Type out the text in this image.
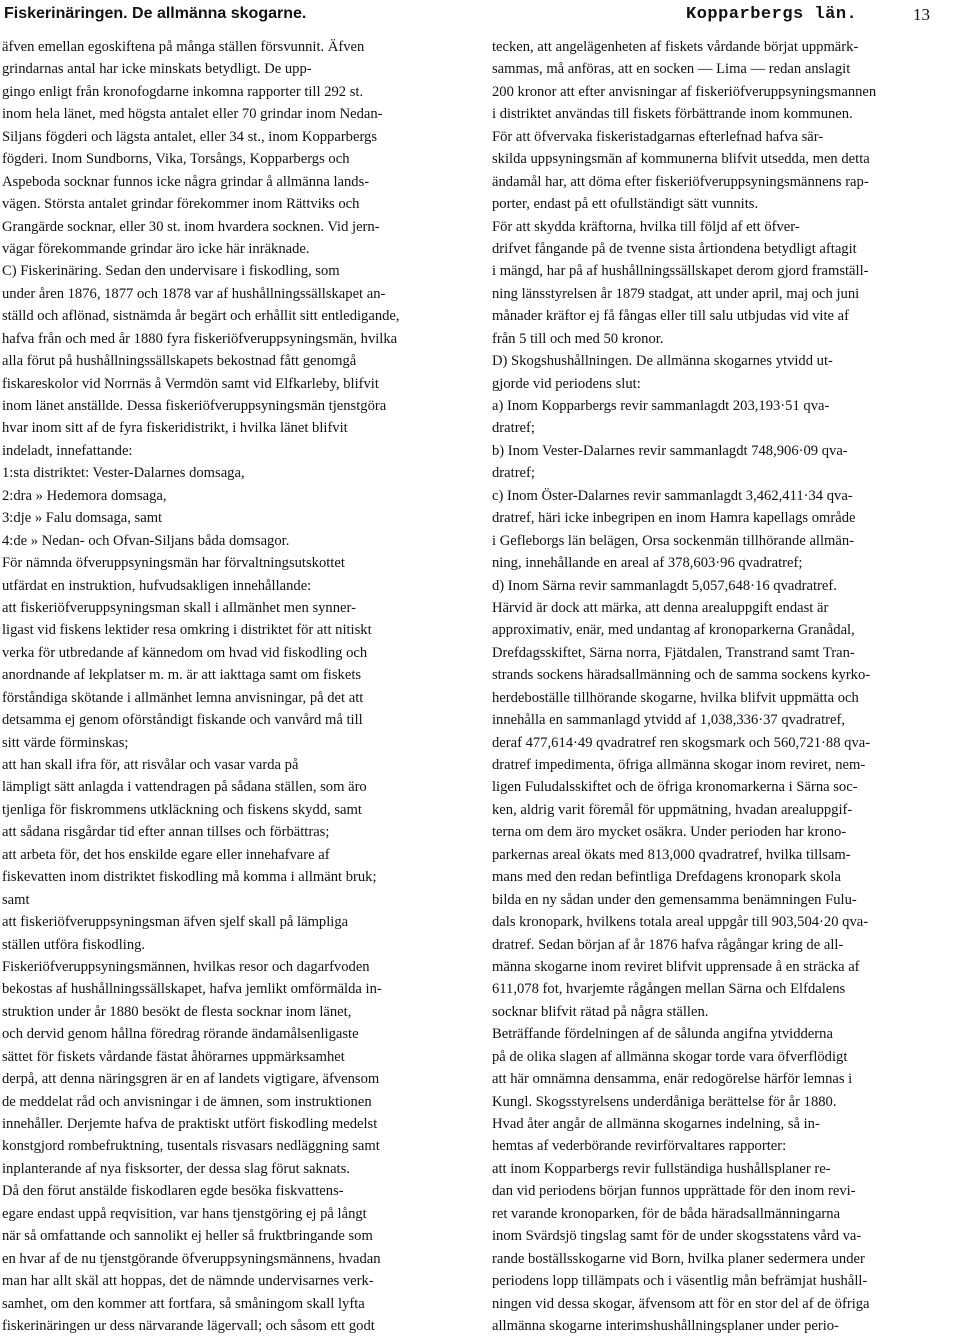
Fiskerinäringen. De allmänna skogarne.	Kopparbergs län.	13
äfven emellan egoskiftena på många ställen försvunnit. Äfven
grindarnas antal har icke minskats betydligt. De upp-
gingo enligt från kronofogdarne inkomna rapporter till 292 st.
inom hela länet, med högsta antalet eller 70 grindar inom Nedan-
Siljans fögderi och lägsta antalet, eller 34 st., inom Kopparbergs
fögderi. Inom Sundborns, Vika, Torsångs, Kopparbergs och
Aspeboda socknar funnos icke några grindar å allmänna lands-
vägen. Största antalet grindar förekommer inom Rättviks och
Grangärde socknar, eller 30 st. inom hvardera socknen. Vid jern-
vägar förekommande grindar äro icke här inräknade.
C) Fiskerinäring. Sedan den undervisare i fiskodling, som
under åren 1876, 1877 och 1878 var af hushållningssällskapet an-
ställd och aflönad, sistnämda år begärt och erhållit sitt entledigande,
hafva från och med år 1880 fyra fiskeriöfveruppsyningsmän, hvilka
alla förut på hushållningssällskapets bekostnad fått genomgå
fiskareskolor vid Norrnäs å Vermdön samt vid Elfkarleby, blifvit
inom länet anställde. Dessa fiskeriöfveruppsyningsmän tjenstgöra
hvar inom sitt af de fyra fiskeridistrikt, i hvilka länet blifvit
indeladt, innefattande:
1:sta distriktet: Vester-Dalarnes domsaga,
2:dra » Hedemora domsaga,
3:dje » Falu domsaga, samt
4:de » Nedan- och Ofvan-Siljans båda domsagor.
För nämnda öfveruppsyningsmän har förvaltningsutskottet
utfärdat en instruktion, hufvudsakligen innehållande:
att fiskeriöfveruppsyningsman skall i allmänhet men synner-
ligast vid fiskens lektider resa omkring i distriktet för att nitiskt
verka för utbredande af kännedom om hvad vid fiskodling och
anordnande af lekplatser m. m. är att iakttaga samt om fiskets
förståndiga skötande i allmänhet lemna anvisningar, på det att
detsamma ej genom oförståndigt fiskande och vanvård må till
sitt värde förminskas;
att han skall ifra för, att risvålar och vasar varda på
lämpligt sätt anlagda i vattendragen på sådana ställen, som äro
tjenliga för fiskrommens utkläckning och fiskens skydd, samt
att sådana risgårdar tid efter annan tillses och förbättras;
att arbeta för, det hos enskilde egare eller innehafvare af
fiskevatten inom distriktet fiskodling må komma i allmänt bruk;
samt
att fiskeriöfveruppsyningsman äfven sjelf skall på lämpliga
ställen utföra fiskodling.
Fiskeriöfveruppsyningsmännen, hvilkas resor och dagarfvoden
bekostas af hushållningssällskapet, hafva jemlikt omförmälda in-
struktion under år 1880 besökt de flesta socknar inom länet,
och dervid genom hållna föredrag rörande ändamålsenligaste
sättet för fiskets vårdande fästat åhörarnes uppmärksamhet
derpå, att denna näringsgren är en af landets vigtigare, äfvensom
de meddelat råd och anvisningar i de ämnen, som instruktionen
innehåller. Derjemte hafva de praktiskt utfört fiskodling medelst
konstgjord rombefruktning, tusentals risvasars nedläggning samt
inplanterande af nya fisksorter, der dessa slag förut saknats.
Då den förut anstälde fiskodlaren egde besöka fiskvattens-
egare endast uppå reqvisition, var hans tjenstgöring ej på långt
när så omfattande och sannolikt ej heller så fruktbringande som
en hvar af de nu tjenstgörande öfveruppsyningsmännens, hvadan
man har allt skäl att hoppas, det de nämnde undervisarnes verk-
samhet, om den kommer att fortfara, så småningom skall lyfta
fiskerinäringen ur dess närvarande lägervall; och såsom ett godt
tecken, att angelägenheten af fiskets vårdande börjat uppmärk-
sammas, må anföras, att en socken — Lima — redan anslagit
200 kronor att efter anvisningar af fiskeriöfveruppsyningsmannen
i distriktet användas till fiskets förbättrande inom kommunen.
För att öfvervaka fiskeristadgarnas efterlefnad hafva sär-
skilda uppsyningsmän af kommunerna blifvit utsedda, men detta
ändamål har, att döma efter fiskeriöfveruppsyningsmännens rap-
porter, endast på ett ofullständigt sätt vunnits.
För att skydda kräftorna, hvilka till följd af ett öfver-
drifvet fångande på de tvenne sista årtiondena betydligt aftagit
i mängd, har på af hushållningssällskapet derom gjord framställ-
ning länsstyrelsen år 1879 stadgat, att under april, maj och juni
månader kräftor ej få fångas eller till salu utbjudas vid vite af
från 5 till och med 50 kronor.
D) Skogshushållningen. De allmänna skogarnes ytvidd ut-
gjorde vid periodens slut:
a) Inom Kopparbergs revir sammanlagdt 203,193·51 qva-
dratref;
b) Inom Vester-Dalarnes revir sammanlagdt 748,906·09 qva-
dratref;
c) Inom Öster-Dalarnes revir sammanlagdt 3,462,411·34 qva-
dratref, häri icke inbegripen en inom Hamra kapellags område
i Gefleborgs län belägen, Orsa sockenmän tillhörande allmän-
ning, innehållande en areal af 378,603·96 qvadratref;
d) Inom Särna revir sammanlagdt 5,057,648·16 qvadratref.
Härvid är dock att märka, att denna arealuppgift endast är
approximativ, enär, med undantag af kronoparkerna Granådal,
Drefdagsskiftet, Särna norra, Fjätdalen, Transtrand samt Tran-
strands sockens häradsallmänning och de samma sockens kyrko-
herdeboställe tillhörande skogarne, hvilka blifvit uppmätta och
innehålla en sammanlagd ytvidd af 1,038,336·37 qvadratref,
deraf 477,614·49 qvadratref ren skogsmark och 560,721·88 qva-
dratref impedimenta, öfriga allmänna skogar inom reviret, nem-
ligen Fuludalsskiftet och de öfriga kronomarkerna i Särna soc-
ken, aldrig varit föremål för uppmätning, hvadan arealuppgif-
terna om dem äro mycket osäkra. Under perioden har krono-
parkernas areal ökats med 813,000 qvadratref, hvilka tillsam-
mans med den redan befintliga Drefdagens kronopark skola
bilda en ny sådan under den gemensamma benämningen Fulu-
dals kronopark, hvilkens totala areal uppgår till 903,504·20 qva-
dratref. Sedan början af år 1876 hafva rågångar kring de all-
männa skogarne inom reviret blifvit upprensade å en sträcka af
611,078 fot, hvarjemte rågången mellan Särna och Elfdalens
socknar blifvit rätad på några ställen.
Beträffande fördelningen af de sålunda angifna ytvidderna
på de olika slagen af allmänna skogar torde vara öfverflödigt
att här omnämna densamma, enär redogörelse härför lemnas i
Kungl. Skogsstyrelsens underdåniga berättelse för år 1880.
Hvad åter angår de allmänna skogarnes indelning, så in-
hemtas af vederbörande revirförvaltares rapporter:
att inom Kopparbergs revir fullständiga hushållsplaner re-
dan vid periodens början funnos upprättade för den inom revi-
ret varande kronoparken, för de båda häradsallmänningarna
inom Svärdsjö tingslag samt för de under skogsstatens vård va-
rande boställsskogarne vid Born, hvilka planer sedermera under
periodens lopp tillämpats och i väsentlig mån befrämjat hushåll-
ningen vid dessa skogar, äfvensom att för en stor del af de öfriga
allmänna skogarne interimshushållningsplaner under perio-
